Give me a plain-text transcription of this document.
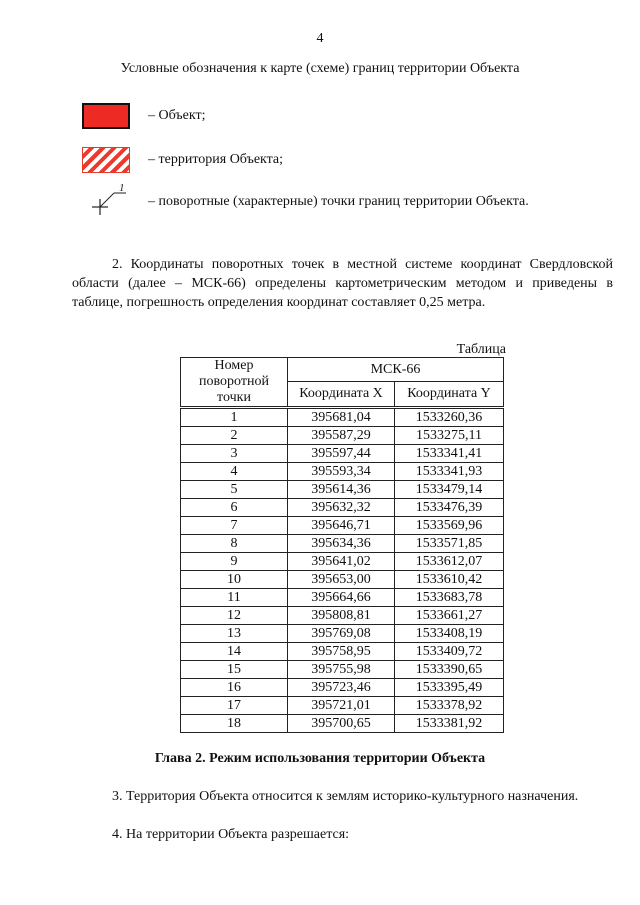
4
Условные обозначения к карте (схеме) границ территории Объекта
– Объект;
– территория Объекта;
1
– поворотные (характерные) точки границ территории Объекта.
2. Координаты поворотных точек в местной системе координат Свердловской области (далее – МСК-66) определены картометрическим методом и приведены в таблице, погрешность определения координат составляет 0,25 метра.
Таблица
Номер поворотной точки	МСК-66	
	Координата X	Координата Y
1	395681,04	1533260,36
2	395587,29	1533275,11
3	395597,44	1533341,41
4	395593,34	1533341,93
5	395614,36	1533479,14
6	395632,32	1533476,39
7	395646,71	1533569,96
8	395634,36	1533571,85
9	395641,02	1533612,07
10	395653,00	1533610,42
11	395664,66	1533683,78
12	395808,81	1533661,27
13	395769,08	1533408,19
14	395758,95	1533409,72
15	395755,98	1533390,65
16	395723,46	1533395,49
17	395721,01	1533378,92
18	395700,65	1533381,92
Глава 2. Режим использования территории Объекта
3. Территория Объекта относится к землям историко-культурного назначения.
4. На территории Объекта разрешается:
